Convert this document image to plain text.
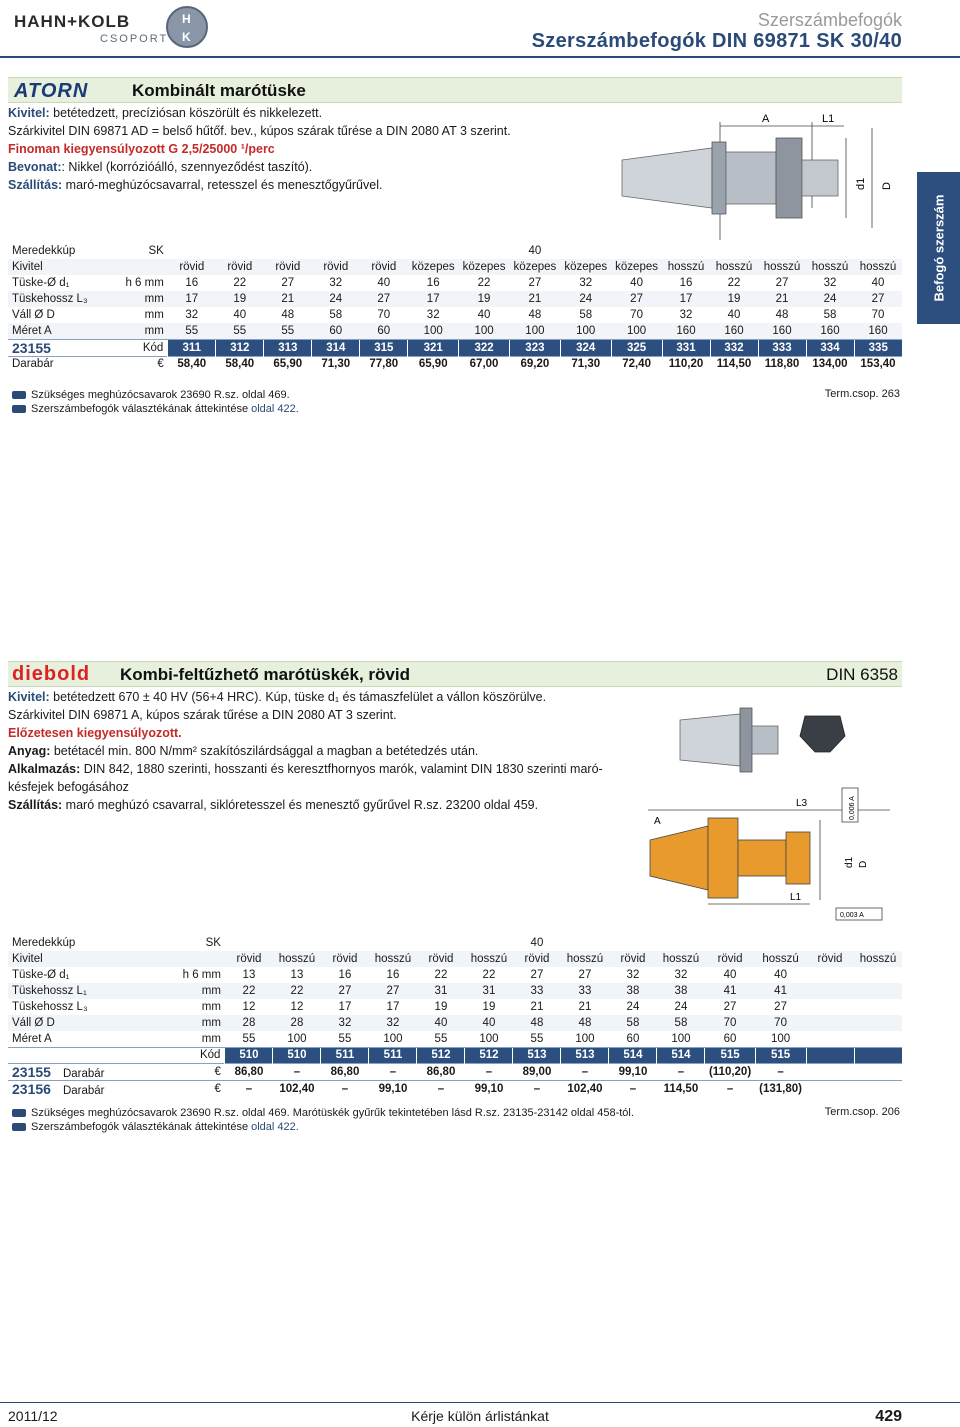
HAHN+KOLB
CSOPORT
H
K
Szerszámbefogók
Szerszámbefogók DIN 69871 SK 30/40
Befogó szerszám
ATORN	Kombinált marótüske
Kivitel: betétedzett, precíziósan köszörült és nikkelezett.
Szárkivitel DIN 69871 AD = belső hűtőf. bev., kúpos szárak tűrése a DIN 2080 AT 3 szerint.
Finoman kiegyensúlyozott G 2,5/25000 ¹/perc
Bevonat:: Nikkel (korrózióálló, szennyeződést taszító).
Szállítás: maró-meghúzócsavarral, retesszel és menesztőgyűrűvel.
A	L1
d1 D
Meredekkúp	SK								40							
Kivitel		rövid	rövid	rövid	rövid	rövid	közepes	közepes	közepes	közepes	közepes	hosszú	hosszú	hosszú	hosszú	hosszú
Tüske-Ø d₁	h 6 mm	16	22	27	32	40	16	22	27	32	40	16	22	27	32	40
Tüskehossz L₃	mm	17	19	21	24	27	17	19	21	24	27	17	19	21	24	27
Váll Ø D	mm	32	40	48	58	70	32	40	48	58	70	32	40	48	58	70
Méret A	mm	55	55	55	60	60	100	100	100	100	100	160	160	160	160	160
23155	Kód	311	312	313	314	315	321	322	323	324	325	331	332	333	334	335
Darabár	€	58,40	58,40	65,90	71,30	77,80	65,90	67,00	69,20	71,30	72,40	110,20	114,50	118,80	134,00	153,40
Szükséges meghúzócsavarok 23690 R.sz. oldal 469.
Szerszámbefogók választékának áttekintése oldal 422.
Term.csop. 263
diebold Kombi-feltűzhető marótüskék, rövid	DIN 6358
Kivitel: betétedzett 670 ± 40 HV (56+4 HRC). Kúp, tüske d₁ és támaszfelület a vállon köszörülve.
Szárkivitel DIN 69871 A, kúpos szárak tűrése a DIN 2080 AT 3 szerint.
Előzetesen kiegyensúlyozott.
Anyag: betétacél min. 800 N/mm² szakítószilárdsággal a magban a betétedzés után.
Alkalmazás: DIN 842, 1880 szerinti, hosszanti és keresztfhornyos marók, valamint DIN 1830 szerinti maró-
késfejek befogásához
Szállítás: maró meghúzó csavarral, siklóretesszel és menesztő gyűrűvel R.sz. 23200 oldal 459.
A
L3
L1
d1 D
0,006 A
0,003 A
Meredekkúp	SK							40							
Kivitel		rövid	hosszú	rövid	hosszú	rövid	hosszú	rövid	hosszú	rövid	hosszú	rövid	hosszú	rövid	hosszú
Tüske-Ø d₁	h 6 mm	13	13	16	16	22	22	27	27	32	32	40	40		
Tüskehossz L₁	mm	22	22	27	27	31	31	33	33	38	38	41	41		
Tüskehossz L₃	mm	12	12	17	17	19	19	21	21	24	24	27	27		
Váll Ø D	mm	28	28	32	32	40	40	48	48	58	58	70	70		
Méret A	mm	55	100	55	100	55	100	55	100	60	100	60	100		
	Kód	510	510	511	511	512	512	513	513	514	514	515	515		
23155 Darabár	€	86,80	–	86,80	–	86,80	–	89,00	–	99,10	–	(110,20)	–		
23156 Darabár	€	–	102,40	–	99,10	–	99,10	–	102,40	–	114,50	–	(131,80)		
Szükséges meghúzócsavarok 23690 R.sz. oldal 469. Marótüskék gyűrűk tekintetében lásd R.sz. 23135-23142 oldal 458-tól.
Szerszámbefogók választékának áttekintése oldal 422.
Term.csop. 206
2011/12	Kérje külön árlistánkat	429
